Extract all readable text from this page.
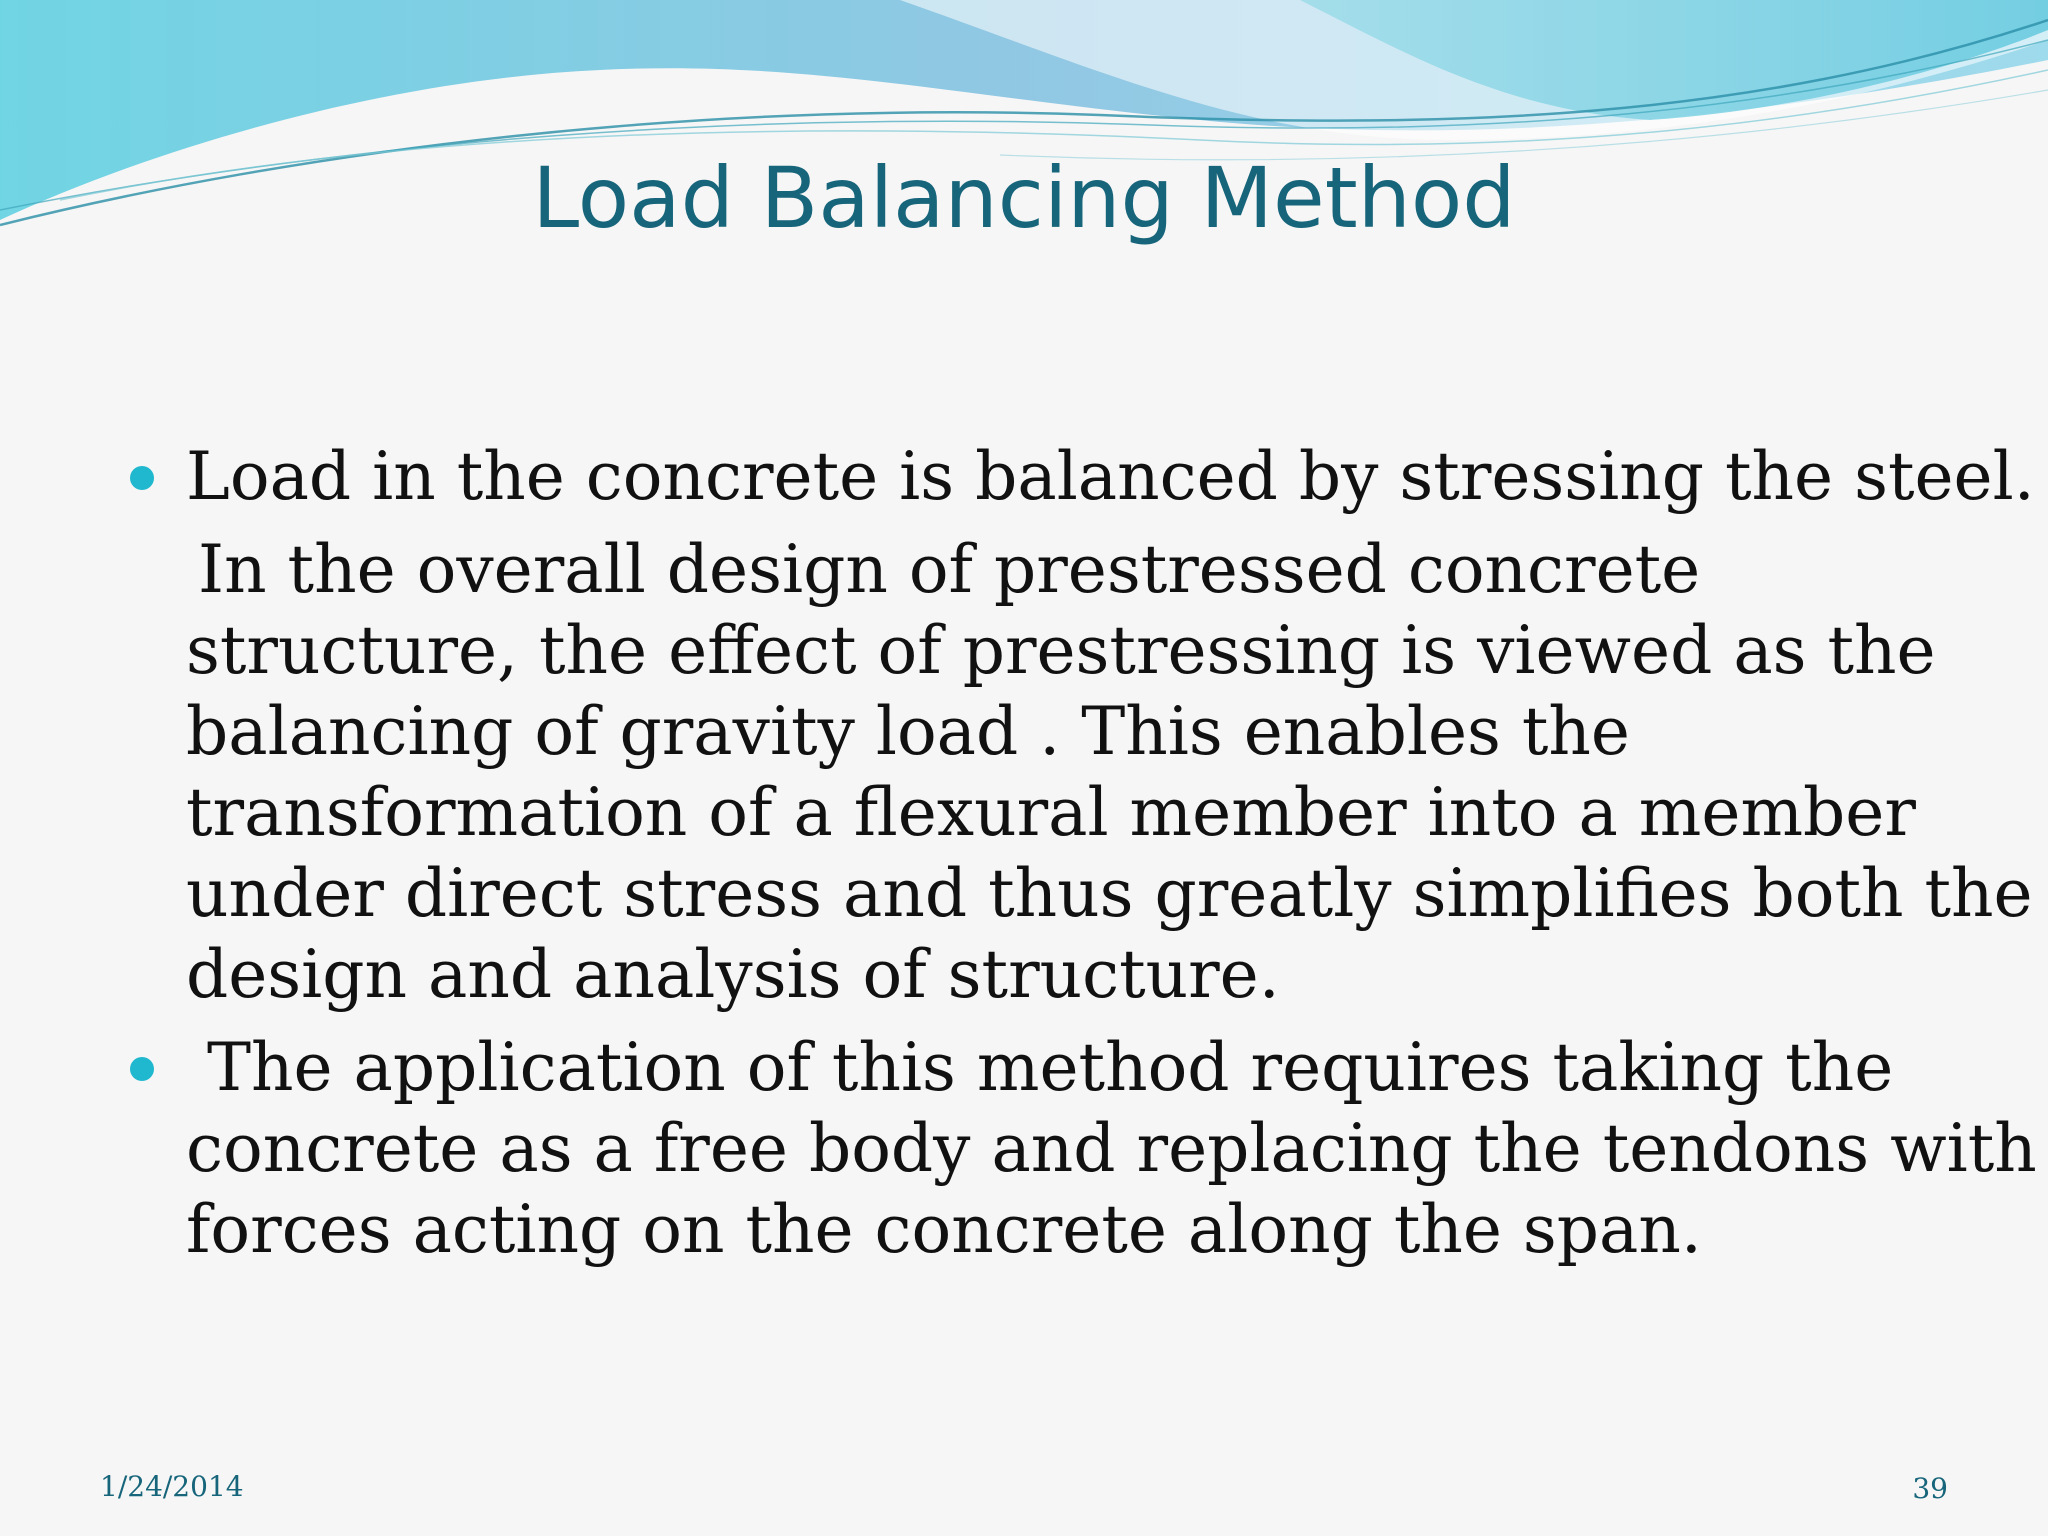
Load Balancing Method
Load in the concrete is balanced by stressing the steel.
In the overall design of prestressed concrete
structure, the effect of prestressing is viewed as the
balancing of gravity load . This enables the
transformation of a flexural member into a member
under direct stress and thus greatly simplifies both the
design and analysis of structure.
The application of this method requires taking the
concrete as a free body and replacing the tendons with
forces acting on the concrete along the span.
1/24/2014	39
